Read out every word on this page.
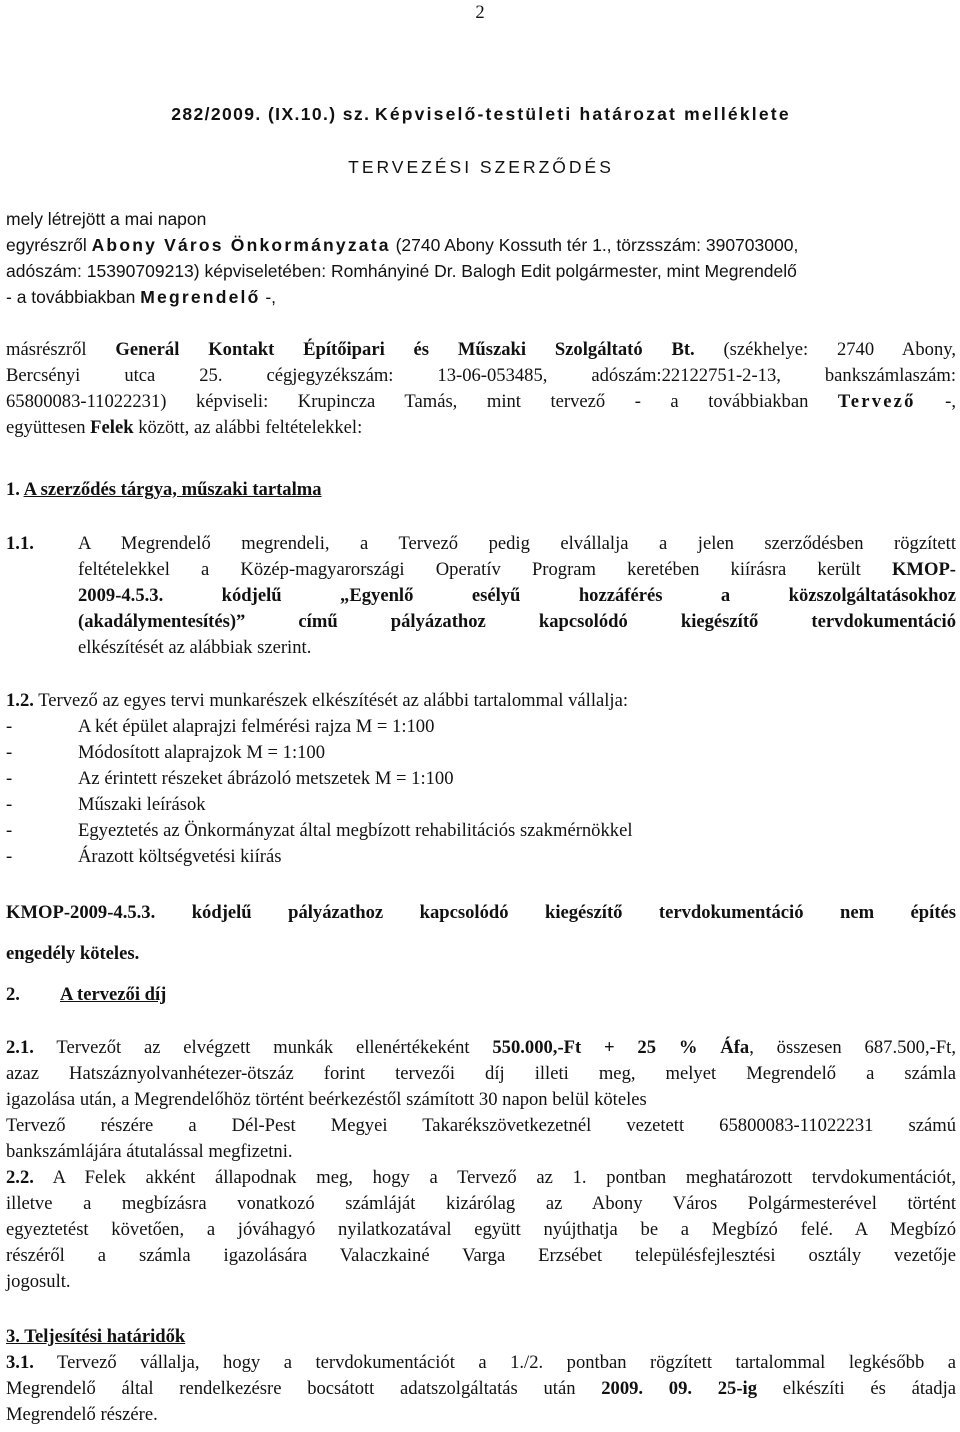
2
282/2009. (IX.10.) sz. Képviselő-testületi határozat melléklete
TERVEZÉSI SZERZŐDÉS
mely létrejött a mai napon
egyrészről Abony Város Önkormányzata (2740 Abony Kossuth tér 1., törzsszám: 390703000,
adószám: 15390709213) képviseletében: Romhányiné Dr. Balogh Edit polgármester, mint Megrendelő
- a továbbiakban Megrendelő -,
másrészről Generál Kontakt Építőipari és Műszaki Szolgáltató Bt. (székhelye: 2740 Abony,
Bercsényi utca 25. cégjegyzékszám: 13-06-053485, adószám:22122751-2-13, bankszámlaszám:
65800083-11022231) képviseli: Krupincza Tamás, mint tervező - a továbbiakban Tervező -,
együttesen Felek között, az alábbi feltételekkel:
1. A szerződés tárgya, műszaki tartalma
1.1.	A Megrendelő megrendeli, a Tervező pedig elvállalja a jelen szerződésben rögzített
feltételekkel a Közép-magyarországi Operatív Program keretében kiírásra került KMOP-
2009-4.5.3. kódjelű „Egyenlő esélyű hozzáférés a közszolgáltatásokhoz
(akadálymentesítés)” című pályázathoz kapcsolódó kiegészítő tervdokumentáció
elkészítését az alábbiak szerint.
1.2. Tervező az egyes tervi munkarészek elkészítését az alábbi tartalommal vállalja:
-	A két épület alaprajzi felmérési rajza M = 1:100
-	Módosított alaprajzok M = 1:100
-	Az érintett részeket ábrázoló metszetek M = 1:100
-	Műszaki leírások
-	Egyeztetés az Önkormányzat által megbízott rehabilitációs szakmérnökkel
-	Árazott költségvetési kiírás
KMOP-2009-4.5.3. kódjelű pályázathoz kapcsolódó kiegészítő tervdokumentáció nem építés
engedély köteles.
2. A tervezői díj
2.1. Tervezőt az elvégzett munkák ellenértékeként 550.000,-Ft + 25 % Áfa, összesen 687.500,-Ft,
azaz Hatszáznyolvanhétezer-ötszáz forint tervezői díj illeti meg, melyet Megrendelő a számla
igazolása után, a Megrendelőhöz történt beérkezéstől számított 30 napon belül köteles
Tervező részére a Dél-Pest Megyei Takarékszövetkezetnél vezetett 65800083-11022231 számú
bankszámlájára átutalással megfizetni.
2.2. A Felek akként állapodnak meg, hogy a Tervező az 1. pontban meghatározott tervdokumentációt,
illetve a megbízásra vonatkozó számláját kizárólag az Abony Város Polgármesterével történt
egyeztetést követően, a jóváhagyó nyilatkozatával együtt nyújthatja be a Megbízó felé. A Megbízó
részéről a számla igazolására Valaczkainé Varga Erzsébet településfejlesztési osztály vezetője
jogosult.
3. Teljesítési határidők
3.1. Tervező vállalja, hogy a tervdokumentációt a 1./2. pontban rögzített tartalommal legkésőbb a
Megrendelő által rendelkezésre bocsátott adatszolgáltatás után 2009. 09. 25-ig elkészíti és átadja
Megrendelő részére.
